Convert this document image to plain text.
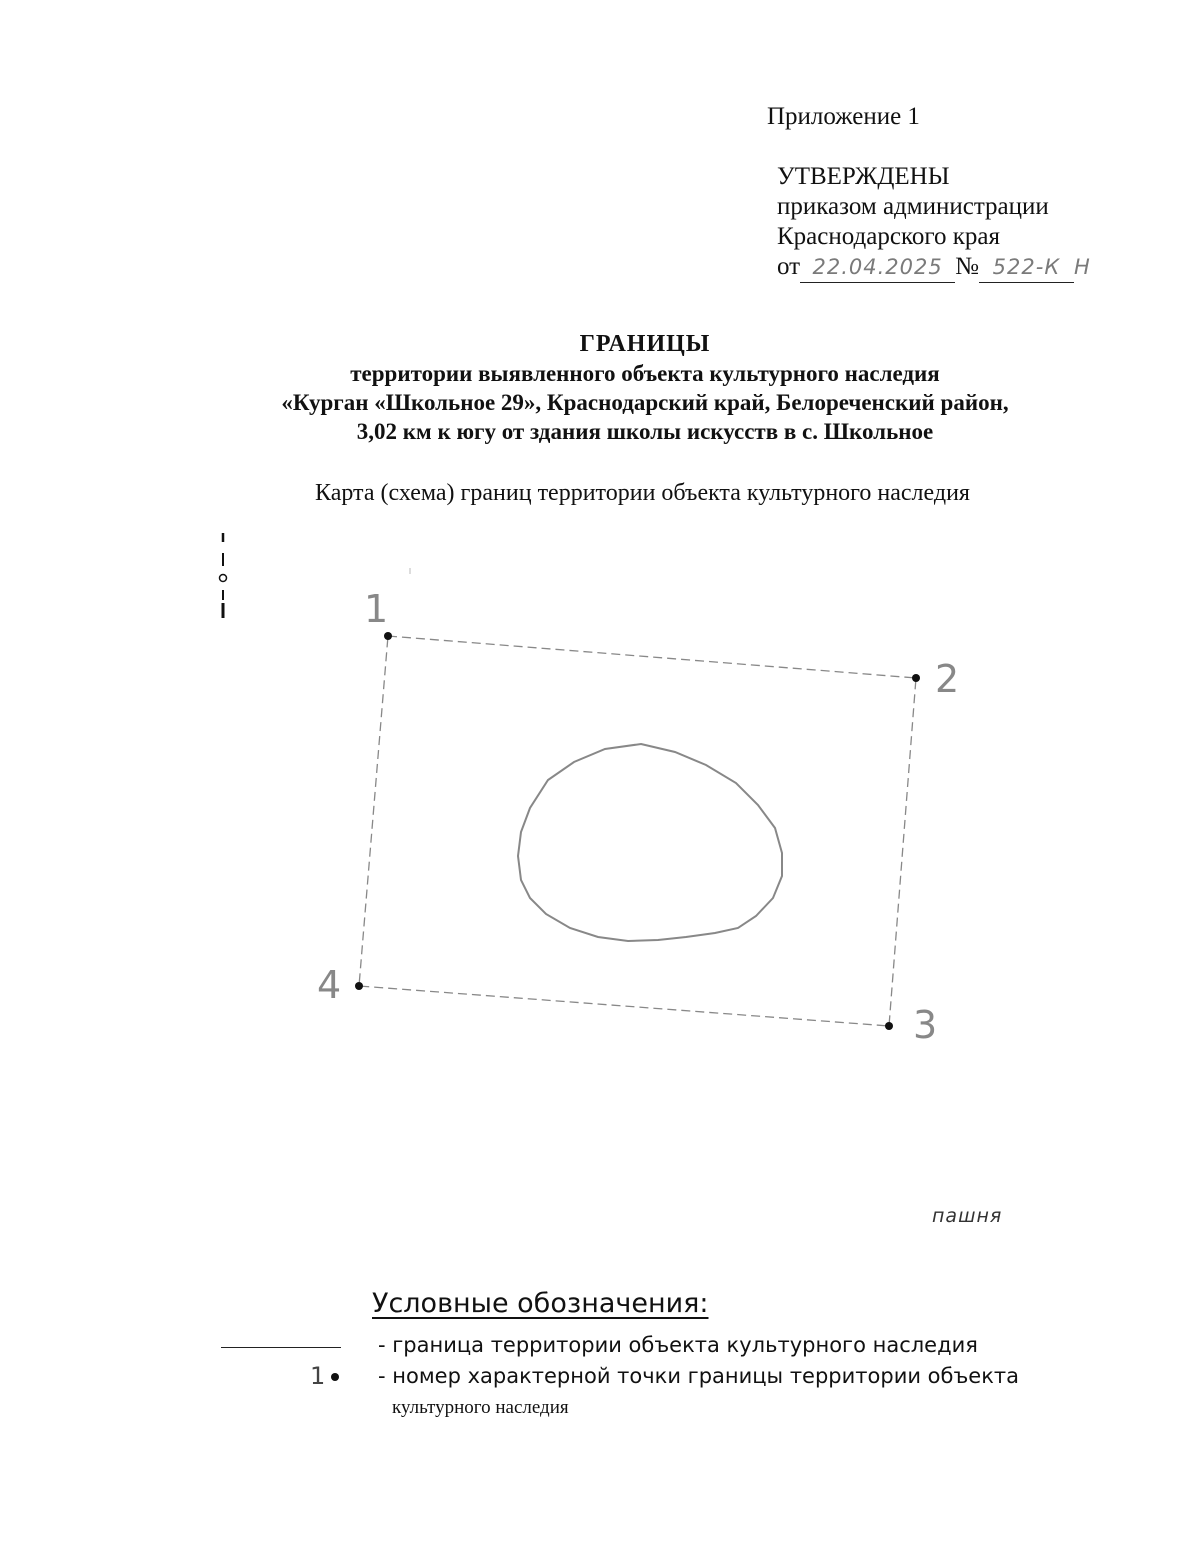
Приложение 1
УТВЕРЖДЕНЫ
приказом администрации
Краснодарского края
от 22.04.2025 № 522-К Н
ГРАНИЦЫ
территории выявленного объекта культурного наследия
«Курган «Школьное 29», Краснодарский край, Белореченский район,
3,02 км к югу от здания школы искусств в с. Школьное
Карта (схема) границ территории объекта культурного наследия
1
2
3
4
пашня
Условные обозначения:
1
- граница территории объекта культурного наследия
- номер характерной точки границы территории объекта
культурного наследия
